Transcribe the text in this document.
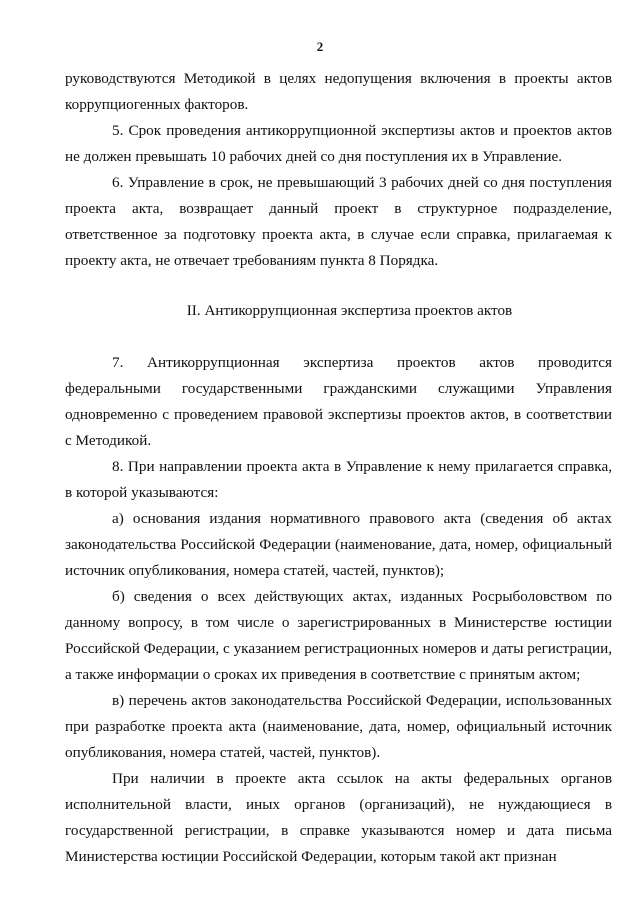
2

руководствуются Методикой в целях недопущения включения в проекты актов коррупциогенных факторов.

5. Срок проведения антикоррупционной экспертизы актов и проектов актов не должен превышать 10 рабочих дней со дня поступления их в Управление.

6. Управление в срок, не превышающий 3 рабочих дней со дня поступления проекта акта, возвращает данный проект в структурное подразделение, ответственное за подготовку проекта акта, в случае если справка, прилагаемая к проекту акта, не отвечает требованиям пункта 8 Порядка.

II. Антикоррупционная экспертиза проектов актов

7. Антикоррупционная экспертиза проектов актов проводится федеральными государственными гражданскими служащими Управления одновременно с проведением правовой экспертизы проектов актов, в соответствии с Методикой.

8. При направлении проекта акта в Управление к нему прилагается справка, в которой указываются:

а) основания издания нормативного правового акта (сведения об актах законодательства Российской Федерации (наименование, дата, номер, официальный источник опубликования, номера статей, частей, пунктов);

б) сведения о всех действующих актах, изданных Росрыболовством по данному вопросу, в том числе о зарегистрированных в Министерстве юстиции Российской Федерации, с указанием регистрационных номеров и даты регистрации, а также информации о сроках их приведения в соответствие с принятым актом;

в) перечень актов законодательства Российской Федерации, использованных при разработке проекта акта (наименование, дата, номер, официальный источник опубликования, номера статей, частей, пунктов).

При наличии в проекте акта ссылок на акты федеральных органов исполнительной власти, иных органов (организаций), не нуждающиеся в государственной регистрации, в справке указываются номер и дата письма Министерства юстиции Российской Федерации, которым такой акт признан
